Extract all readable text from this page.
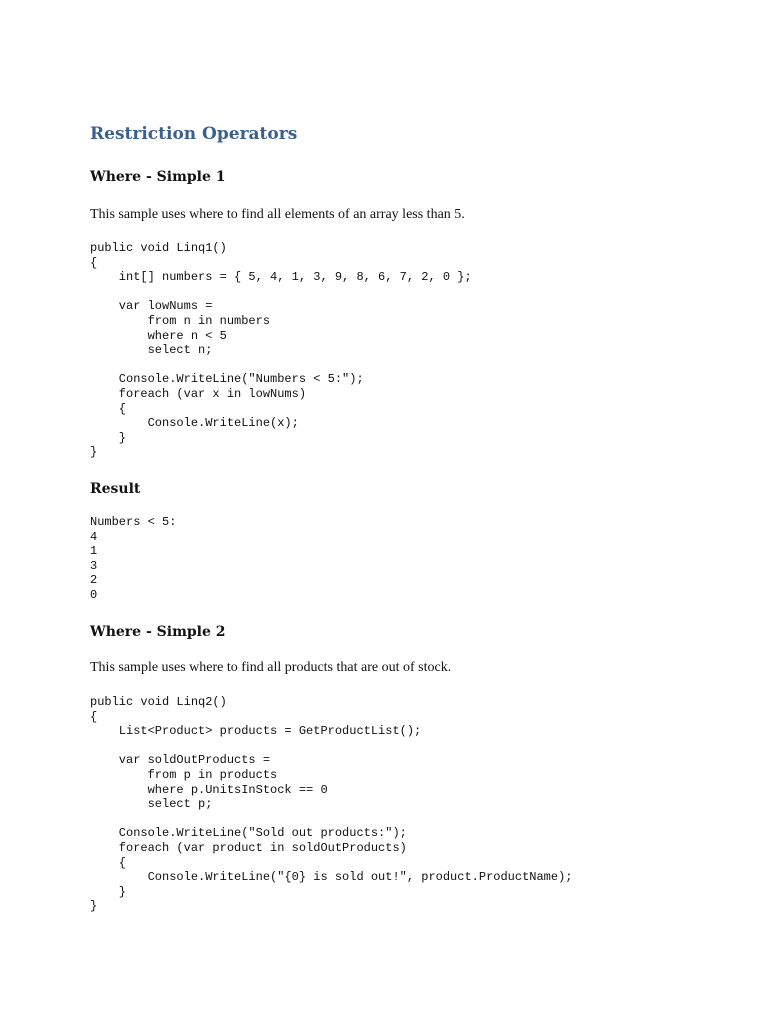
Restriction Operators
Where - Simple 1

This sample uses where to find all elements of an array less than 5.

public void Linq1()
{
int[] numbers = { 5, 4, 1, 3, 9, 8, 6, 7, 2, 0 };
var lowNums =
from n in numbers
where n < 5
select n;
Console.WriteLine("Numbers < 5:");
foreach (var x in lowNums)
{
Console.WriteLine(x);
}
}
Result
Numbers < 5:
4
1
3
2
0
Where - Simple 2

This sample uses where to find all products that are out of stock.

public void Linq2()
{
List<Product> products = GetProductList();
var soldOutProducts =
from p in products
where p.UnitsInStock == 0
select p;
Console.WriteLine("Sold out products:");
foreach (var product in soldOutProducts)
{
Console.WriteLine("{0} is sold out!", product.ProductName);
}
}
